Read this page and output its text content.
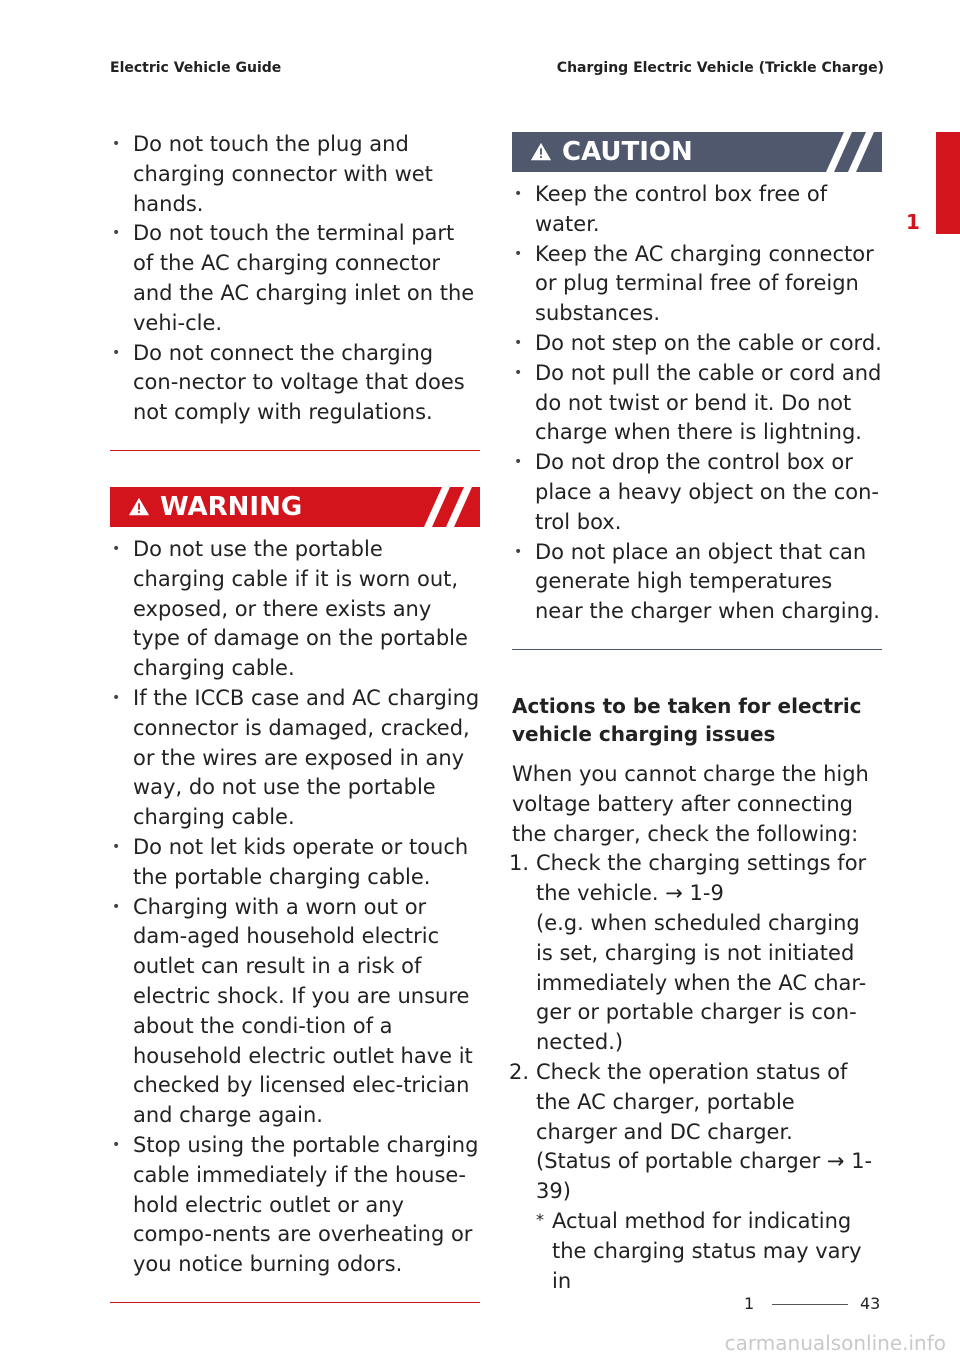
Electric Vehicle Guide	Charging Electric Vehicle (Trickle Charge)
1
• Do not touch the plug and charging connector with wet hands.
• Do not touch the terminal part of the AC charging connector and the AC charging inlet on the vehi-cle.
• Do not connect the charging con-nector to voltage that does not comply with regulations.
WARNING
• Do not use the portable charging cable if it is worn out, exposed, or there exists any type of damage on the portable charging cable.
• If the ICCB case and AC charging connector is damaged, cracked, or the wires are exposed in any way, do not use the portable charging cable.
• Do not let kids operate or touch the portable charging cable.
• Charging with a worn out or dam-aged household electric outlet can result in a risk of electric shock. If you are unsure about the condi-tion of a household electric outlet have it checked by licensed elec-trician and charge again.
• Stop using the portable charging cable immediately if the house-hold electric outlet or any compo-nents are overheating or you notice burning odors.
CAUTION
• Keep the control box free of water.
• Keep the AC charging connector or plug terminal free of foreign substances.
• Do not step on the cable or cord.
• Do not pull the cable or cord and do not twist or bend it. Do not charge when there is lightning.
• Do not drop the control box or place a heavy object on the con-trol box.
• Do not place an object that can generate high temperatures near the charger when charging.
Actions to be taken for electric vehicle charging issues
When you cannot charge the high voltage battery after connecting the charger, check the following:
1. Check the charging settings for the vehicle. → 1-9
(e.g. when scheduled charging is set, charging is not initiated immediately when the AC char-ger or portable charger is con-nected.)
2. Check the operation status of the AC charger, portable charger and DC charger.
(Status of portable charger → 1-39)
* Actual method for indicating the charging status may vary in
1	43
carmanualsonline.info
